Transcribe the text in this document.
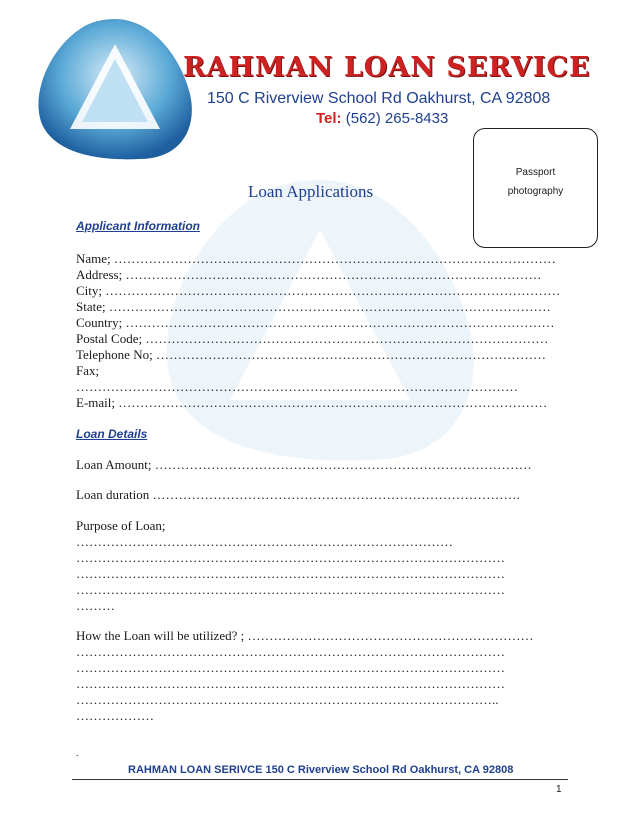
RAHMAN LOAN SERVICE
150 C Riverview School Rd Oakhurst, CA 92808
Tel: (562) 265-8433
Passport
photography
Loan Applications
Applicant Information
Name; …………………………………………………………………………………………
Address; ……………………………………………………………………………………
City; ……………………………………………………………………………………………
State; …………………………………………………………………………………………
Country; ………………………………………………………………………………………
Postal Code; …………………………………………………………………………………
Telephone No; ………………………………………………………………………………
Fax;
…………………………………………………………………………………………
E-mail; ………………………………………………………………………………………
Loan Details
Loan Amount; ……………………………………………………………………………
Loan duration ………………………………………………………………………….
Purpose of Loan;
……………………………………………………………………………
………………………………………………………………………………………
………………………………………………………………………………………
………………………………………………………………………………………
………
How the Loan will be utilized? ; …………………………………………………………
………………………………………………………………………………………
………………………………………………………………………………………
………………………………………………………………………………………
……………………………………………………………………………………..
………………
-
RAHMAN LOAN SERIVCE 150 C Riverview School Rd Oakhurst, CA 92808
1
